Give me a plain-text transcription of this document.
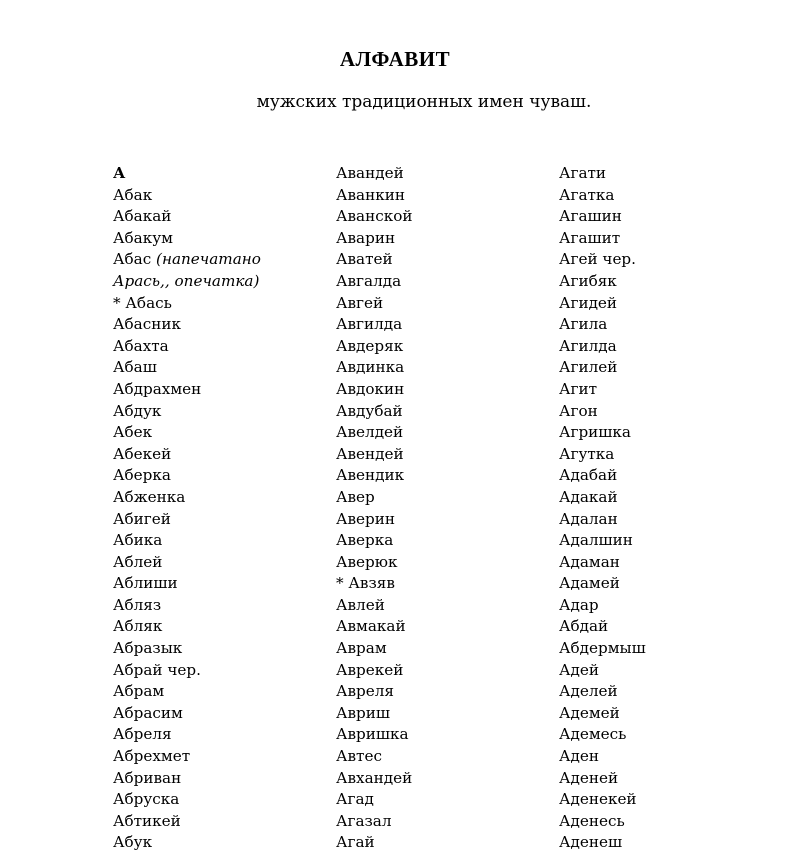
АЛФАВИТ
мужских традиционных имен чуваш.
А
Абак
Абакай
Абакум
Абас (напечатано
Арась,, опечатка)
* Абась
Абасник
Абахта
Абаш
Абдрахмен
Абдук
Абек
Абекей
Аберка
Абженка
Абигей
Абика
Аблей
Аблиши
Абляз
Абляк
Абразык
Абрай чер.
Абрам
Абрасим
Абреля
Абрехмет
Абриван
Абруска
Абтикей
Абук
Авандей
Аванкин
Аванской
Аварин
Аватей
Авгалда
Авгей
Авгилда
Авдеряк
Авдинка
Авдокин
Авдубай
Авелдей
Авендей
Авендик
Авер
Аверин
Аверка
Аверюк
* Авзяв
Авлей
Авмакай
Аврам
Аврекей
Авреля
Авриш
Авришка
Автес
Авхандей
Агад
Агазал
Агай
Агати
Агатка
Агашин
Агашит
Агей чер.
Агибяк
Агидей
Агила
Агилда
Агилей
Агит
Агон
Агришка
Агутка
Адабай
Адакай
Адалан
Адалшин
Адаман
Адамей
Адар
Абдай
Абдермыш
Адей
Аделей
Адемей
Адемесь
Аден
Аденей
Аденекей
Аденесь
Аденеш
